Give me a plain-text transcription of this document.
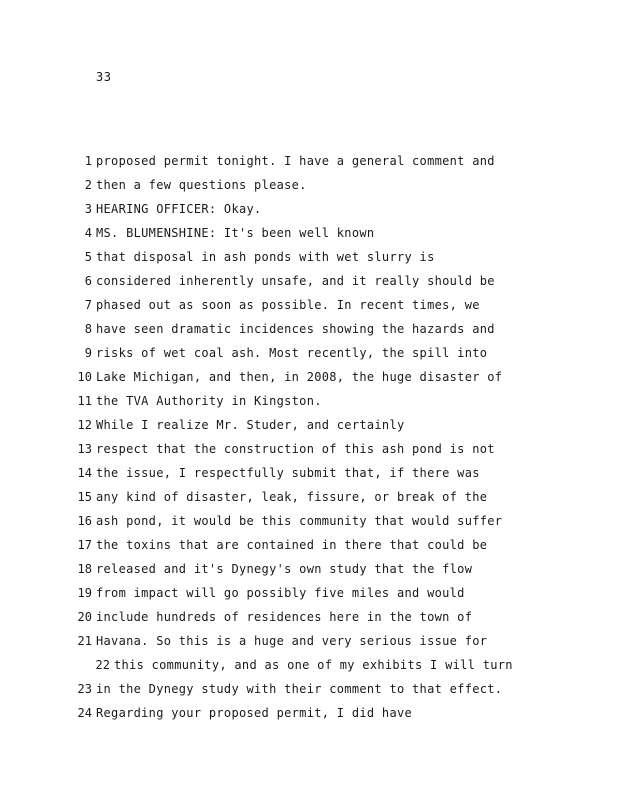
33
1 proposed permit tonight. I have a general comment and
2 then a few questions please.
3 HEARING OFFICER: Okay.
4 MS. BLUMENSHINE: It's been well known
5 that disposal in ash ponds with wet slurry is
6 considered inherently unsafe, and it really should be
7 phased out as soon as possible. In recent times, we
8 have seen dramatic incidences showing the hazards and
9 risks of wet coal ash. Most recently, the spill into
10 Lake Michigan, and then, in 2008, the huge disaster of
11 the TVA Authority in Kingston.
12 While I realize Mr. Studer, and certainly
13 respect that the construction of this ash pond is not
14 the issue, I respectfully submit that, if there was
15 any kind of disaster, leak, fissure, or break of the
16 ash pond, it would be this community that would suffer
17 the toxins that are contained in there that could be
18 released and it's Dynegy's own study that the flow
19 from impact will go possibly five miles and would
20 include hundreds of residences here in the town of
21 Havana. So this is a huge and very serious issue for
22 this community, and as one of my exhibits I will turn
23 in the Dynegy study with their comment to that effect.
24 Regarding your proposed permit, I did have
